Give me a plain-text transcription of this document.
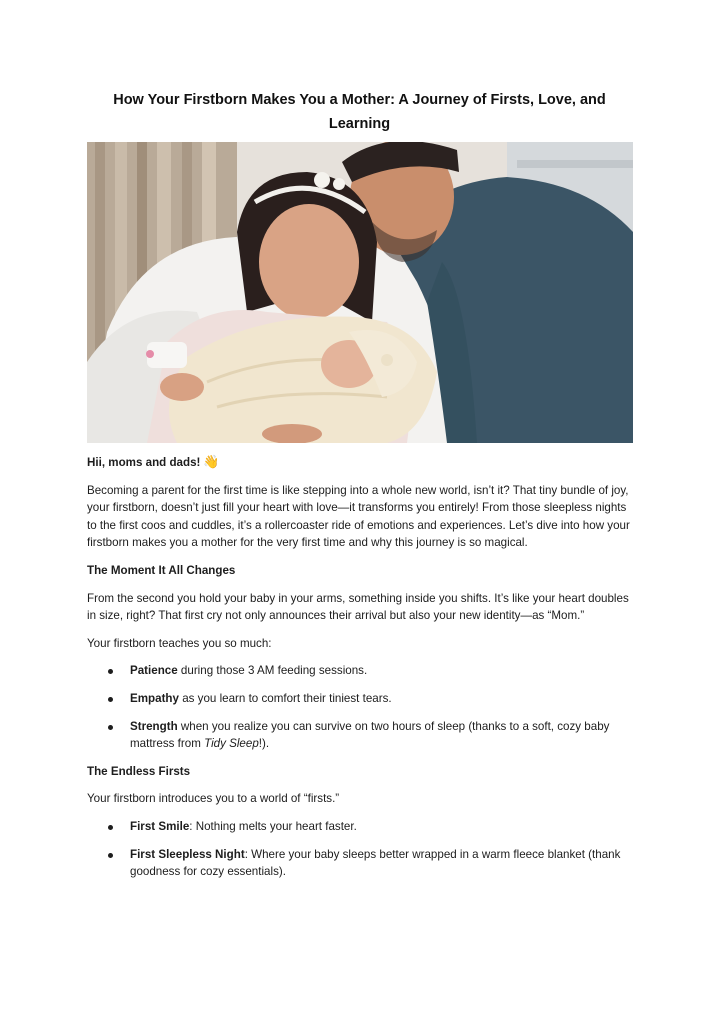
How Your Firstborn Makes You a Mother: A Journey of Firsts, Love, and Learning

Hii, moms and dads! 👋

Becoming a parent for the first time is like stepping into a whole new world, isn’t it? That tiny bundle of joy, your firstborn, doesn’t just fill your heart with love—it transforms you entirely! From those sleepless nights to the first coos and cuddles, it’s a rollercoaster ride of emotions and experiences. Let’s dive into how your firstborn makes you a mother for the very first time and why this journey is so magical.

The Moment It All Changes

From the second you hold your baby in your arms, something inside you shifts. It’s like your heart doubles in size, right? That first cry not only announces their arrival but also your new identity—as “Mom.”

Your firstborn teaches you so much:

Patience during those 3 AM feeding sessions.
Empathy as you learn to comfort their tiniest tears.
Strength when you realize you can survive on two hours of sleep (thanks to a soft, cozy baby mattress from Tidy Sleep!).

The Endless Firsts

Your firstborn introduces you to a world of “firsts.”

First Smile: Nothing melts your heart faster.
First Sleepless Night: Where your baby sleeps better wrapped in a warm fleece blanket (thank goodness for cozy essentials).
